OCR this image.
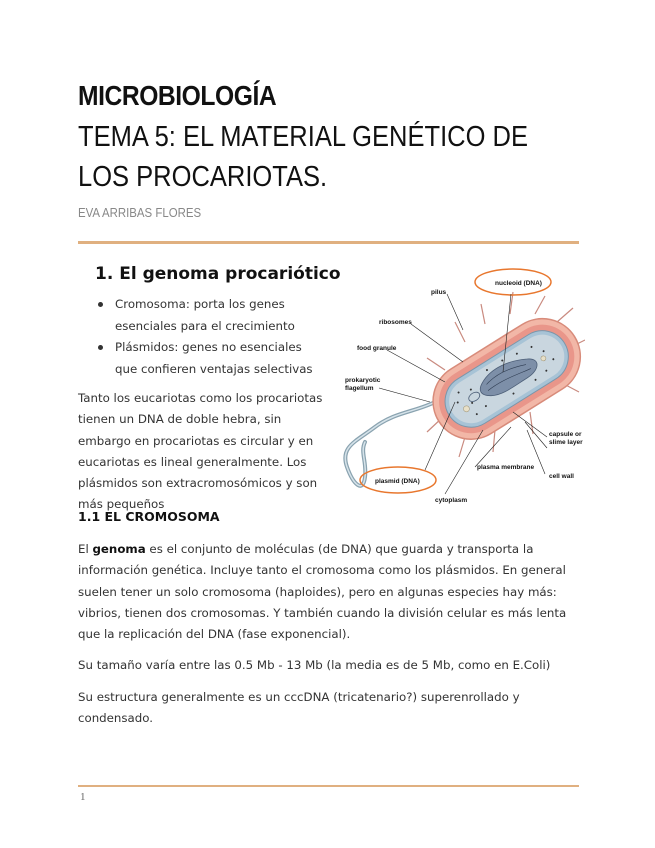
MICROBIOLOGÍA
TEMA 5: EL MATERIAL GENÉTICO DE LOS PROCARIOTAS.
EVA ARRIBAS FLORES
1. El genoma procariótico
Cromosoma: porta los genes esenciales para el crecimiento
Plásmidos: genes no esenciales que confieren ventajas selectivas
Tanto los eucariotas como los procariotas tienen un DNA de doble hebra, sin embargo en procariotas es circular y en eucariotas es lineal generalmente. Los plásmidos son extracromosómicos y son más pequeños
nucleoid (DNA)
pilus
ribosomes
food granule
prokaryotic
flagellum
capsule or
slime layer
plasma membrane
cell wall
plasmid (DNA)
cytoplasm
1.1 EL CROMOSOMA
El genoma es el conjunto de moléculas (de DNA) que guarda y transporta la información genética. Incluye tanto el cromosoma como los plásmidos. En general suelen tener un solo cromosoma (haploides), pero en algunas especies hay más: vibrios, tienen dos cromosomas. Y también cuando la división celular es más lenta que la replicación del DNA (fase exponencial).
Su tamaño varía entre las 0.5 Mb - 13 Mb (la media es de 5 Mb, como en E.Coli)
Su estructura generalmente es un cccDNA (tricatenario?) superenrollado y condensado.
1
